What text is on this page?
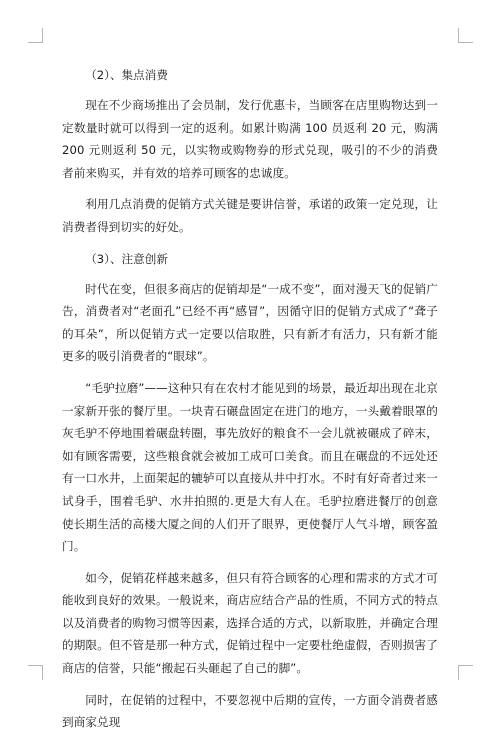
（2）、集点消费

现在不少商场推出了会员制，发行优惠卡，当顾客在店里购物达到一定数量时就可以得到一定的返利。如累计购满 100 员返利 20 元，购满 200 元则返利 50 元，以实物或购物券的形式兑现，吸引的不少的消费者前来购买，并有效的培养可顾客的忠诚度。

利用几点消费的促销方式关键是要讲信誉，承诺的政策一定兑现，让消费者得到切实的好处。

（3）、注意创新

时代在变，但很多商店的促销却是“一成不变”，面对漫天飞的促销广告，消费者对“老面孔”已经不再“感冒”，因循守旧的促销方式成了“聋子的耳朵”，所以促销方式一定要以信取胜，只有新才有活力，只有新才能更多的吸引消费者的“眼球”。

“毛驴拉磨”——这种只有在农村才能见到的场景，最近却出现在北京一家新开张的餐厅里。一块青石碾盘固定在进门的地方，一头戴着眼罩的灰毛驴不停地围着碾盘转圈，事先放好的粮食不一会儿就被碾成了碎末，如有顾客需要，这些粮食就会被加工成可口美食。而且在碾盘的不远处还有一口水井，上面架起的辘轳可以直接从井中打水。不时有好奇者过来一试身手，围着毛驴、水井拍照的.更是大有人在。毛驴拉磨进餐厅的创意使长期生活的高楼大厦之间的人们开了眼界，更使餐厅人气斗增，顾客盈门。

如今，促销花样越来越多，但只有符合顾客的心理和需求的方式才可能收到良好的效果。一般说来，商店应结合产品的性质，不同方式的特点以及消费者的购物习惯等因素，选择合适的方式，以新取胜，并确定合理的期限。但不管是那一种方式，促销过程中一定要杜绝虚假，否则损害了商店的信誉，只能“搬起石头砸起了自己的脚”。

同时，在促销的过程中，不要忽视中后期的宣传，一方面令消费者感到商家兑现
